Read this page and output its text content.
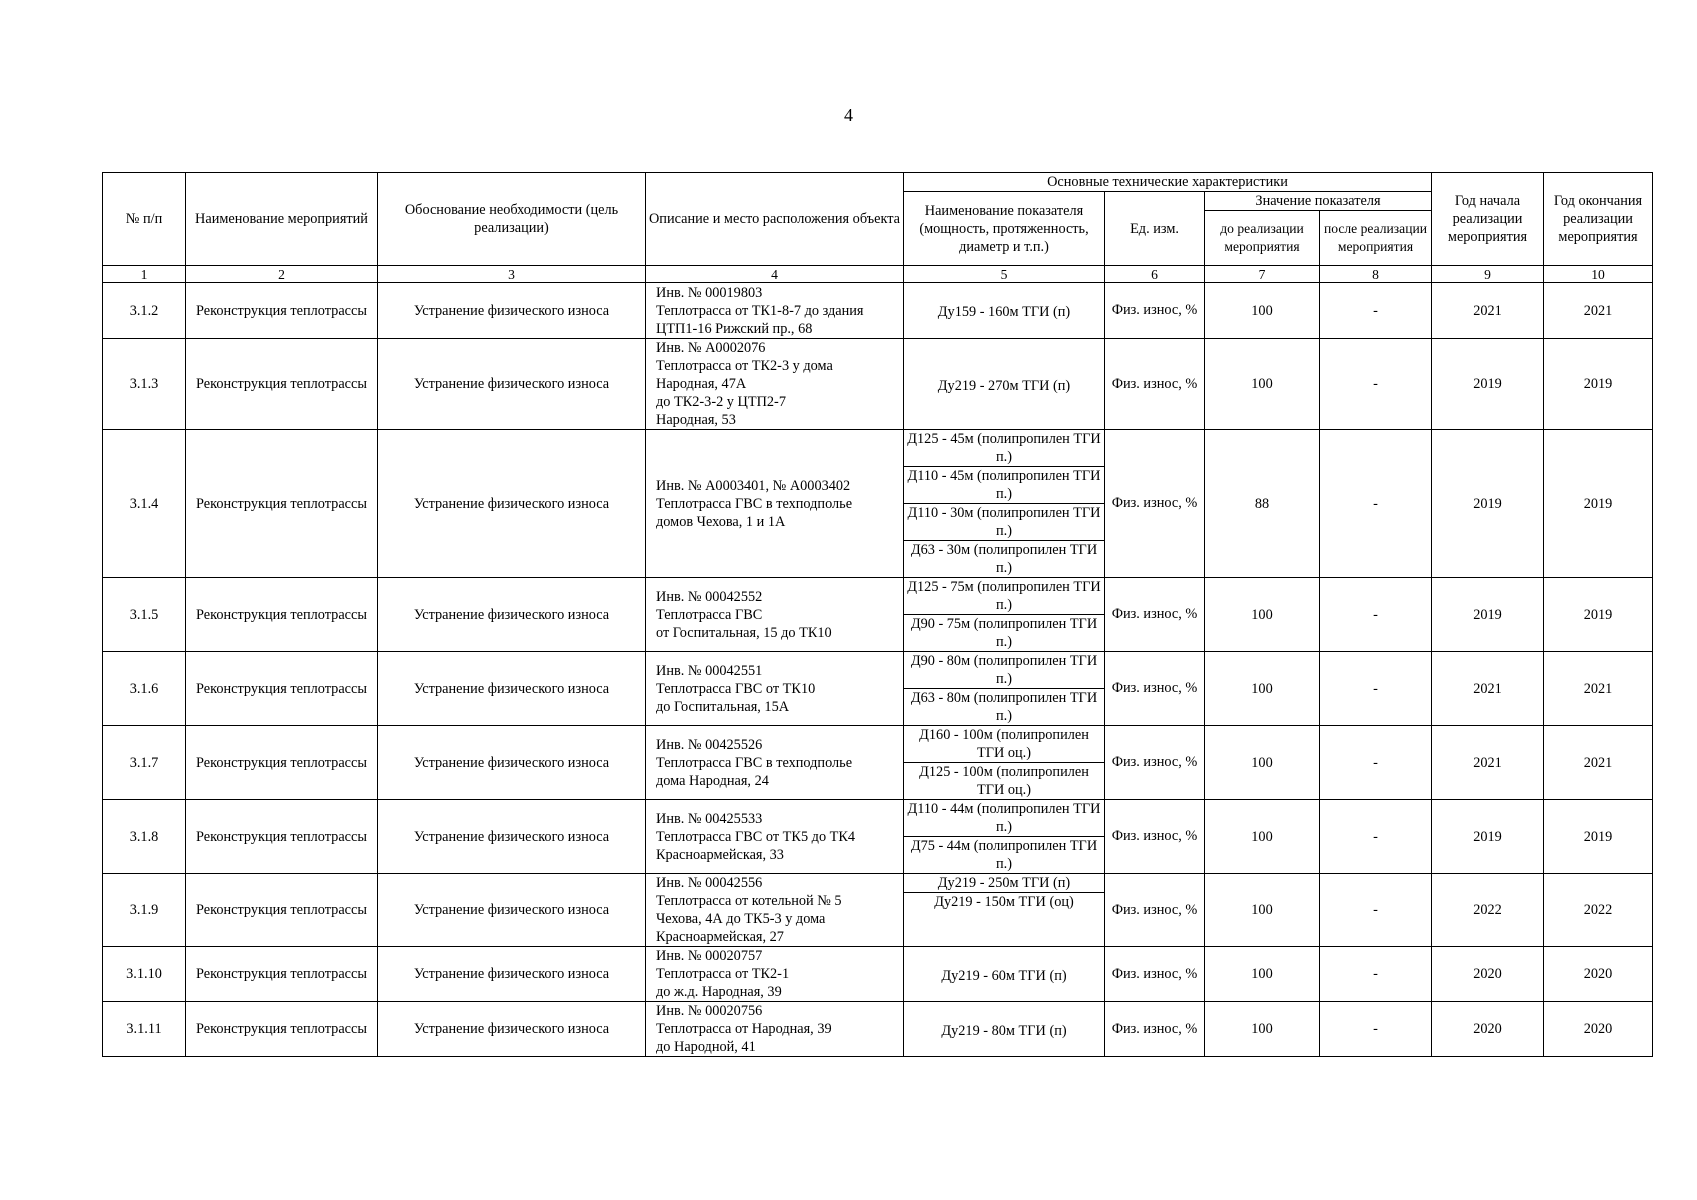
4
№ п/п	Наименование мероприятий	Обоснование необходимости (цель реализации)	Описание и место расположения объекта	Основные технические характеристики				Год начала реализации мероприятия	Год окончания реализации мероприятия
				Наименование показателя (мощность, протяженность, диаметр и т.п.)	Ед. изм.	Значение показателя			
						до реализации мероприятия	после реализации мероприятия		
1	2	3	4	5	6	7	8	9	10
3.1.2	Реконструкция теплотрассы	Устранение физического износа	Инв. № 00019803
Теплотрасса от ТК1-8-7 до здания
ЦТП1-16 Рижский пр., 68	Ду159 - 160м ТГИ (п)	Физ. износ, %	100	-	2021	2021
3.1.3	Реконструкция теплотрассы	Устранение физического износа	Инв. № А0002076
Теплотрасса от ТК2-3 у дома
Народная, 47А
до ТК2-3-2 у ЦТП2-7
Народная, 53	Ду219 - 270м ТГИ (п)	Физ. износ, %	100	-	2019	2019
3.1.4	Реконструкция теплотрассы	Устранение физического износа	Инв. № А0003401, № А0003402
Теплотрасса ГВС в техподполье
домов Чехова, 1 и 1А	Д125 - 45м (полипропилен ТГИ п.)	Физ. износ, %	88	-	2019	2019
				Д110 - 45м (полипропилен ТГИ п.)					
				Д110 - 30м (полипропилен ТГИ п.)					
				Д63 - 30м (полипропилен ТГИ п.)					
3.1.5	Реконструкция теплотрассы	Устранение физического износа	Инв. № 00042552
Теплотрасса ГВС
от Госпитальная, 15 до ТК10	Д125 - 75м (полипропилен ТГИ п.)	Физ. износ, %	100	-	2019	2019
				Д90 - 75м (полипропилен ТГИ п.)					
3.1.6	Реконструкция теплотрассы	Устранение физического износа	Инв. № 00042551
Теплотрасса ГВС от ТК10
до Госпитальная, 15А	Д90 - 80м (полипропилен ТГИ п.)	Физ. износ, %	100	-	2021	2021
				Д63 - 80м (полипропилен ТГИ п.)					
3.1.7	Реконструкция теплотрассы	Устранение физического износа	Инв. № 00425526
Теплотрасса ГВС в техподполье
дома Народная, 24	Д160 - 100м (полипропилен ТГИ оц.)	Физ. износ, %	100	-	2021	2021
				Д125 - 100м (полипропилен ТГИ оц.)					
3.1.8	Реконструкция теплотрассы	Устранение физического износа	Инв. № 00425533
Теплотрасса ГВС от ТК5 до ТК4
Красноармейская, 33	Д110 - 44м (полипропилен ТГИ п.)	Физ. износ, %	100	-	2019	2019
				Д75 - 44м (полипропилен ТГИ п.)					
3.1.9	Реконструкция теплотрассы	Устранение физического износа	Инв. № 00042556
Теплотрасса от котельной № 5
Чехова, 4А до ТК5-3 у дома
Красноармейская, 27	Ду219 - 250м ТГИ (п)	Физ. износ, %	100	-	2022	2022
				Ду219 - 150м ТГИ (оц)					
3.1.10	Реконструкция теплотрассы	Устранение физического износа	Инв. № 00020757
Теплотрасса от ТК2-1
до ж.д. Народная, 39	Ду219 - 60м ТГИ (п)	Физ. износ, %	100	-	2020	2020
3.1.11	Реконструкция теплотрассы	Устранение физического износа	Инв. № 00020756
Теплотрасса от Народная, 39
до Народной, 41	Ду219 - 80м ТГИ (п)	Физ. износ, %	100	-	2020	2020
